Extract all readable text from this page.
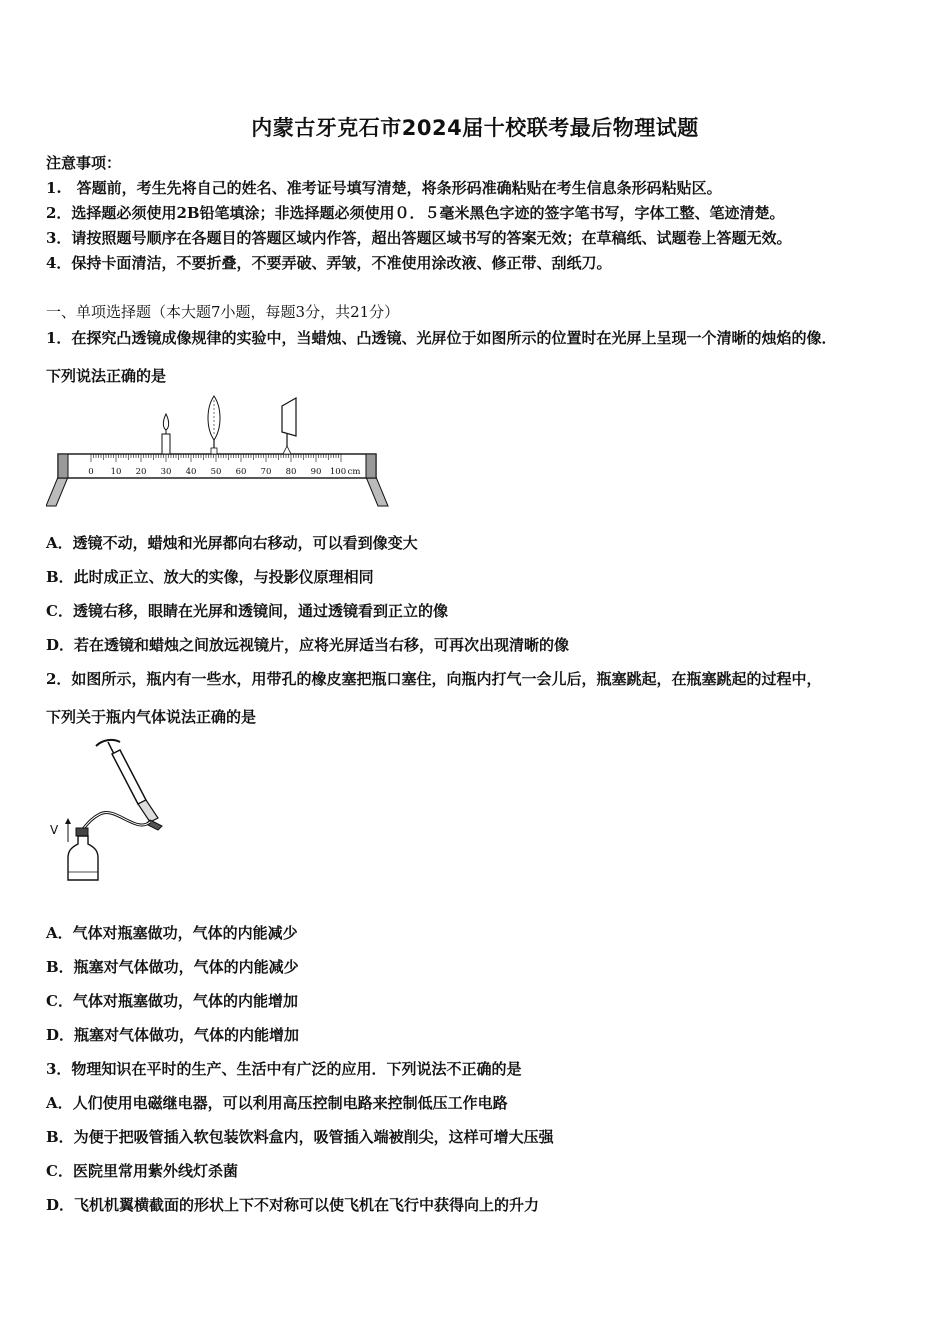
内蒙古牙克石市2024届十校联考最后物理试题
注意事项：
1.　答题前，考生先将自己的姓名、准考证号填写清楚，将条形码准确粘贴在考生信息条形码粘贴区。
2．选择题必须使用2B铅笔填涂；非选择题必须使用０．５毫米黑色字迹的签字笔书写，字体工整、笔迹清楚。
3．请按照题号顺序在各题目的答题区域内作答，超出答题区域书写的答案无效；在草稿纸、试题卷上答题无效。
4．保持卡面清洁，不要折叠，不要弄破、弄皱，不准使用涂改液、修正带、刮纸刀。
一、单项选择题（本大题7小题，每题3分，共21分）
1．在探究凸透镜成像规律的实验中，当蜡烛、凸透镜、光屏位于如图所示的位置时在光屏上呈现一个清晰的烛焰的像．
下列说法正确的是
0 10 20 30 40 50 60 70 80 90 100 cm
A．透镜不动，蜡烛和光屏都向右移动，可以看到像变大
B．此时成正立、放大的实像，与投影仪原理相同
C．透镜右移，眼睛在光屏和透镜间，通过透镜看到正立的像
D．若在透镜和蜡烛之间放远视镜片，应将光屏适当右移，可再次出现清晰的像
2．如图所示，瓶内有一些水，用带孔的橡皮塞把瓶口塞住，向瓶内打气一会儿后，瓶塞跳起，在瓶塞跳起的过程中，
下列关于瓶内气体说法正确的是
V
A．气体对瓶塞做功，气体的内能减少
B．瓶塞对气体做功，气体的内能减少
C．气体对瓶塞做功，气体的内能增加
D．瓶塞对气体做功，气体的内能增加
3．物理知识在平时的生产、生活中有广泛的应用．下列说法不正确的是
A．人们使用电磁继电器，可以利用高压控制电路来控制低压工作电路
B．为便于把吸管插入软包装饮料盒内，吸管插入端被削尖，这样可增大压强
C．医院里常用紫外线灯杀菌
D．飞机机翼横截面的形状上下不对称可以使飞机在飞行中获得向上的升力
